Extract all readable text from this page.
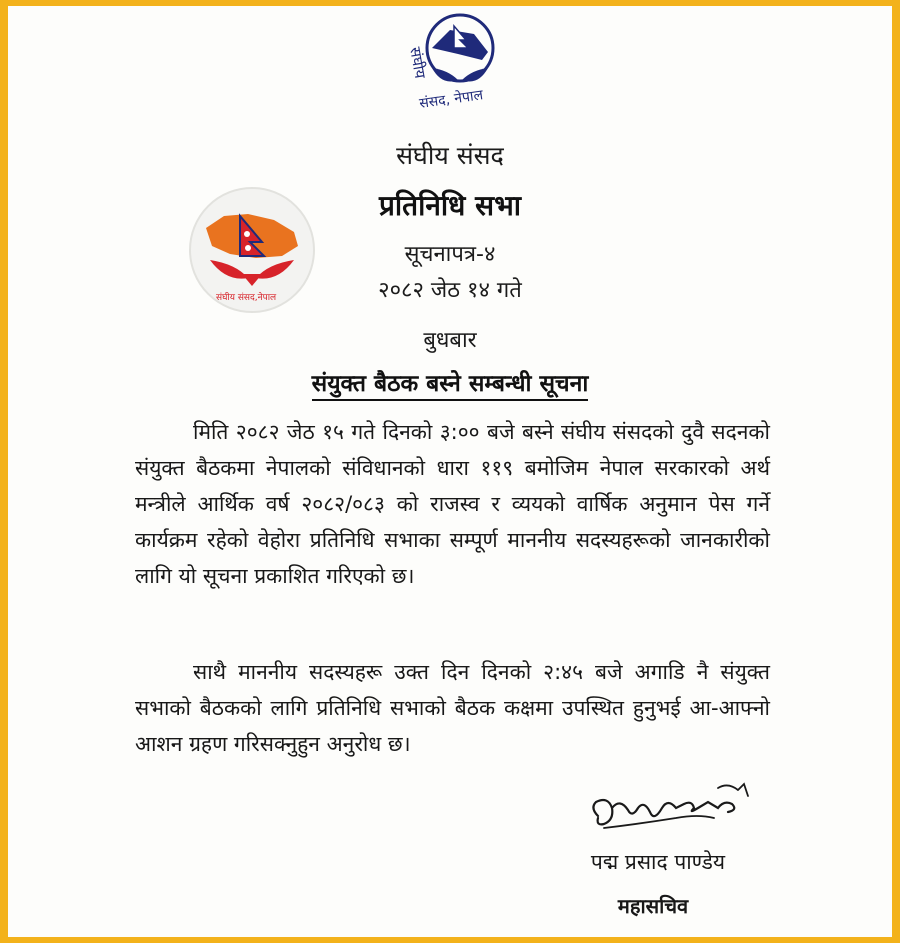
संघीय
संसद, नेपाल
संघीय संसद,नेपाल
संघीय संसद
प्रतिनिधि सभा
सूचनापत्र-४
२०८२ जेठ १४ गते
बुधबार
संयुक्त बैठक बस्ने सम्बन्धी सूचना

मिति २०८२ जेठ १५ गते दिनको ३:०० बजे बस्ने संघीय संसदको दुवै सदनको संयुक्त बैठकमा नेपालको संविधानको धारा ११९ बमोजिम नेपाल सरकारको अर्थ मन्त्रीले आर्थिक वर्ष २०८२/०८३ को राजस्व र व्ययको वार्षिक अनुमान पेस गर्ने कार्यक्रम रहेको वेहोरा प्रतिनिधि सभाका सम्पूर्ण माननीय सदस्यहरूको जानकारीको लागि यो सूचना प्रकाशित गरिएको छ।

साथै माननीय सदस्यहरू उक्त दिन दिनको २:४५ बजे अगाडि नै संयुक्त सभाको बैठकको लागि प्रतिनिधि सभाको बैठक कक्षमा उपस्थित हुनुभई आ-आफ्नो आशन ग्रहण गरिसक्नुहुन अनुरोध छ।

पद्म प्रसाद पाण्डेय
महासचिव
